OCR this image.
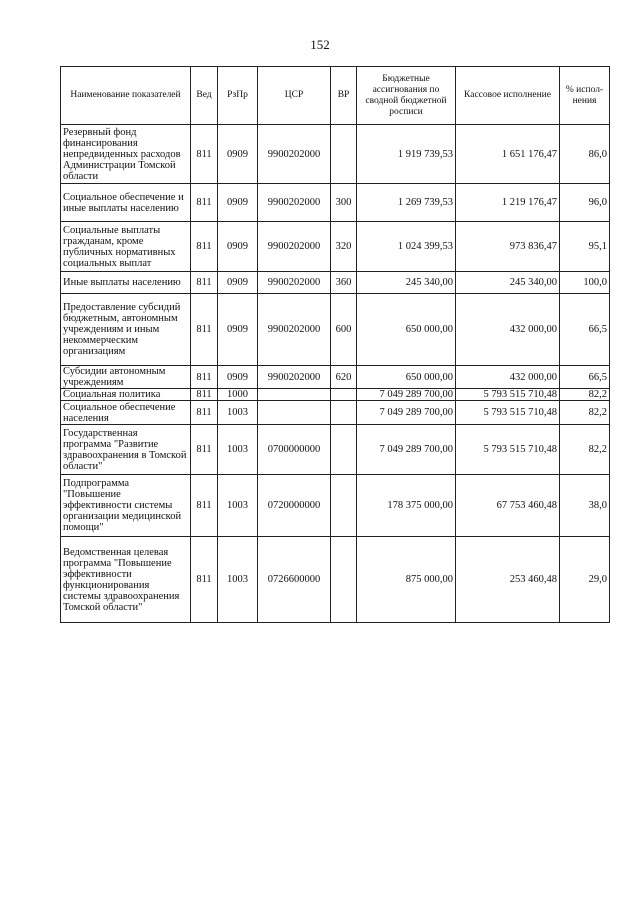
152
Наименование показателей	Вед	РзПр	ЦСР	ВР	Бюджетные ассигнования по сводной бюджетной росписи	Кассовое исполнение	% испол-нения
Резервный фонд финансирования непредвиденных расходов Администрации Томской области	811	0909	9900202000		1 919 739,53	1 651 176,47	86,0
Социальное обеспечение и иные выплаты населению	811	0909	9900202000	300	1 269 739,53	1 219 176,47	96,0
Социальные выплаты гражданам, кроме публичных нормативных социальных выплат	811	0909	9900202000	320	1 024 399,53	973 836,47	95,1
Иные выплаты населению	811	0909	9900202000	360	245 340,00	245 340,00	100,0
Предоставление субсидий бюджетным, автономным учреждениям и иным некоммерческим организациям	811	0909	9900202000	600	650 000,00	432 000,00	66,5
Субсидии автономным учреждениям	811	0909	9900202000	620	650 000,00	432 000,00	66,5
Социальная политика	811	1000			7 049 289 700,00	5 793 515 710,48	82,2
Социальное обеспечение населения	811	1003			7 049 289 700,00	5 793 515 710,48	82,2
Государственная программа "Развитие здравоохранения в Томской области"	811	1003	0700000000		7 049 289 700,00	5 793 515 710,48	82,2
Подпрограмма "Повышение эффективности системы организации медицинской помощи"	811	1003	0720000000		178 375 000,00	67 753 460,48	38,0
Ведомственная целевая программа "Повышение эффективности функционирования системы здравоохранения Томской области"	811	1003	0726600000		875 000,00	253 460,48	29,0
